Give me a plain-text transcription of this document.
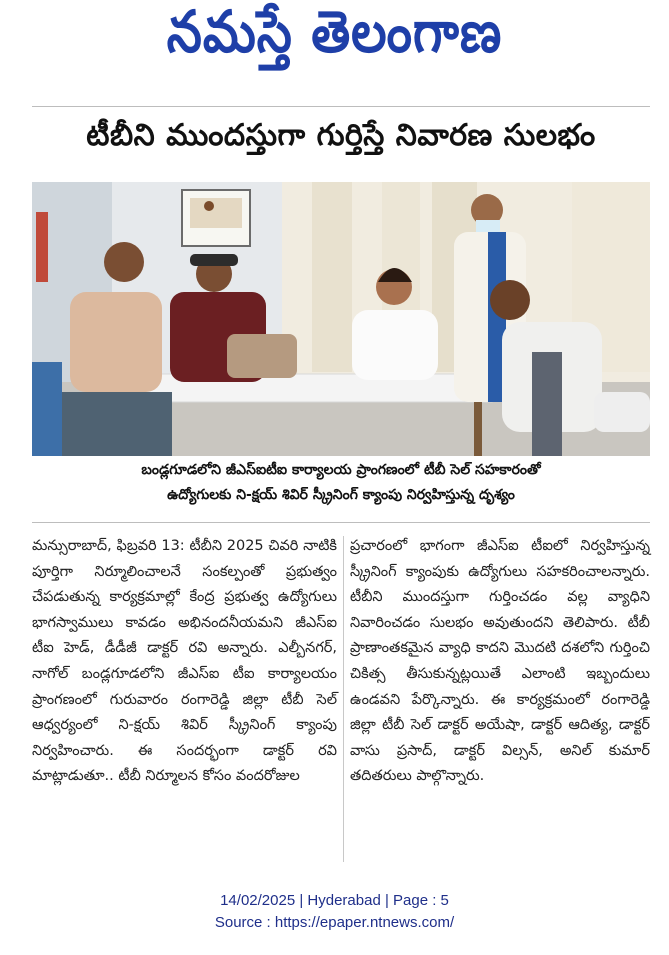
నమస్తే తెలంగాణ
టీబీని ముందస్తుగా గుర్తిస్తే నివారణ సులభం
బండ్లగూడలోని జీఎస్ఐటీఐ కార్యాలయ ప్రాంగణంలో టీబీ సెల్ సహకారంతో
ఉద్యోగులకు ని-క్షయ్ శివిర్ స్క్రీనింగ్ క్యాంపు నిర్వహిస్తున్న దృశ్యం

మన్సురాబాద్, ఫిబ్రవరి 13: టీబీని 2025 చివరి నాటికి పూర్తిగా నిర్మూలించాలనే సంకల్పంతో ప్రభుత్వం చేపడుతున్న కార్యక్రమాల్లో కేంద్ర ప్రభుత్వ ఉద్యోగులు భాగస్వాములు కావడం అభినందనీయమని జీఎస్ఐ టీఐ హెడ్, డీడీజీ డాక్టర్ రవి అన్నారు. ఎల్బీనగర్, నాగోల్ బండ్లగూడలోని జీఎస్ఐ టీఐ కార్యాలయం ప్రాంగణంలో గురువారం రంగారెడ్డి జిల్లా టీబీ సెల్ ఆధ్వర్యంలో ని-క్షయ్ శివిర్ స్క్రీనింగ్ క్యాంపు నిర్వహించారు. ఈ సందర్భంగా డాక్టర్ రవి మాట్లాడుతూ.. టీబీ నిర్మూలన కోసం వందరోజుల

ప్రచారంలో భాగంగా జీఎస్ఐ టీఐలో నిర్వహిస్తున్న స్క్రీనింగ్ క్యాంపుకు ఉద్యోగులు సహకరించాలన్నారు. టీబీని ముందస్తుగా గుర్తించడం వల్ల వ్యాధిని నివారించడం సులభం అవుతుందని తెలిపారు. టీబీ ప్రాణాంతకమైన వ్యాధి కాదని మొదటి దశలోని గుర్తించి చికిత్స తీసుకున్నట్లయితే ఎలాంటి ఇబ్బందులు ఉండవని పేర్కొన్నారు. ఈ కార్యక్రమంలో రంగారెడ్డి జిల్లా టీబీ సెల్ డాక్టర్ అయేషా, డాక్టర్ ఆదిత్య, డాక్టర్ వాసు ప్రసాద్, డాక్టర్ విల్సన్, అనిల్ కుమార్ తదితరులు పాల్గొన్నారు.

14/02/2025 | Hyderabad | Page : 5
Source : https://epaper.ntnews.com/
